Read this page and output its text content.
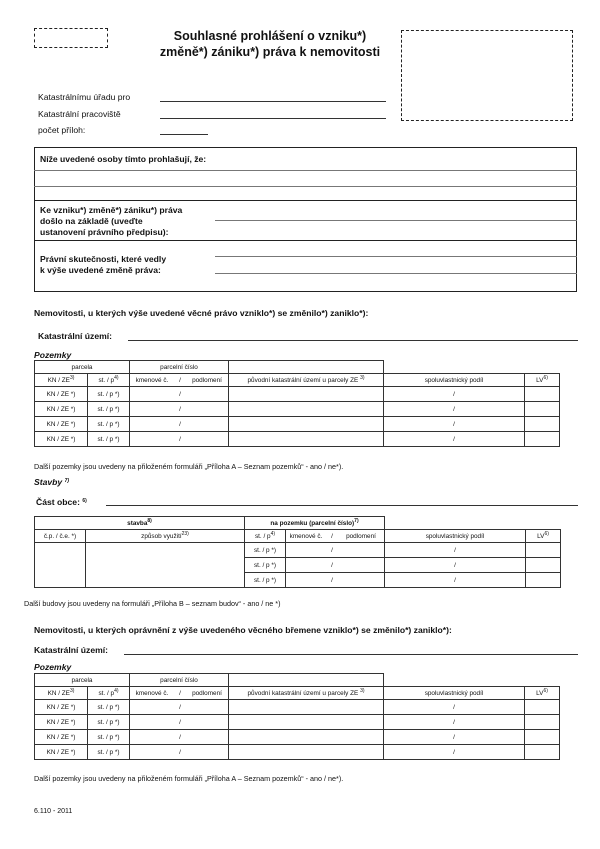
Souhlasné prohlášení o vzniku*)
změně*) zániku*) práva k nemovitosti
Katastrálnímu úřadu pro
Katastrální pracoviště
počet příloh:
Níže uvedené osoby tímto prohlašují, že:
Ke vzniku*) změně*) zániku*) práva
došlo na základě (uveďte
ustanovení právního předpisu):
Právní skutečnosti, které vedly
k výše uvedené změně práva:
Nemovitosti, u kterých výše uvedené věcné právo vzniklo*) se změnilo*) zaniklo*):
Katastrální území:
Pozemky
parcela		parcelní číslo					
KN / ZE$^{3)}$	st. / $p^{4)}$	kmenové č.	/	podlomení	původní katastrální území u parcely ZE $^{3)}$	spoluvlastnický podíl	LV$^{6)}$
KN / ZE *)	st. / p *)		/			/	
KN / ZE *)	st. / p *)		/			/	
KN / ZE *)	st. / p *)		/			/	
KN / ZE *)	st. / p *)		/			/	
Další pozemky jsou uvedeny na přiloženém formuláři „Příloha A – Seznam pozemků“ - ano / ne*).
Stavby $^{7)}$
Část obce: $^{6)}$
stavba$^{8)}$		na pozemku (parcelní číslo)$^{7)}$		
č.p. / č.e. *)	způsob využití$^{23)}$	st. / $p^{4)}$	kmenové č.	/	podlomení	spoluvlastnický podíl	LV$^{6)}$
		st. / p *)		/		/	
		st. / p *)		/		/	
		st. / p *)		/		/	
Další budovy jsou uvedeny na formuláři „Příloha B – seznam budov“ - ano / ne *)
Nemovitosti, u kterých oprávnění z výše uvedeného věcného břemene vzniklo*) se změnilo*) zaniklo*):
Katastrální území:
Pozemky
parcela		parcelní číslo					
KN / ZE$^{3)}$	st. / $p^{4)}$	kmenové č.	/	podlomení	původní katastrální území u parcely ZE $^{3)}$	spoluvlastnický podíl	LV$^{6)}$
KN / ZE *)	st. / p *)		/			/	
KN / ZE *)	st. / p *)		/			/	
KN / ZE *)	st. / p *)		/			/	
KN / ZE *)	st. / p *)		/			/	
Další pozemky jsou uvedeny na přiloženém formuláři „Příloha A – Seznam pozemků“ - ano / ne*).
6.110 - 2011
